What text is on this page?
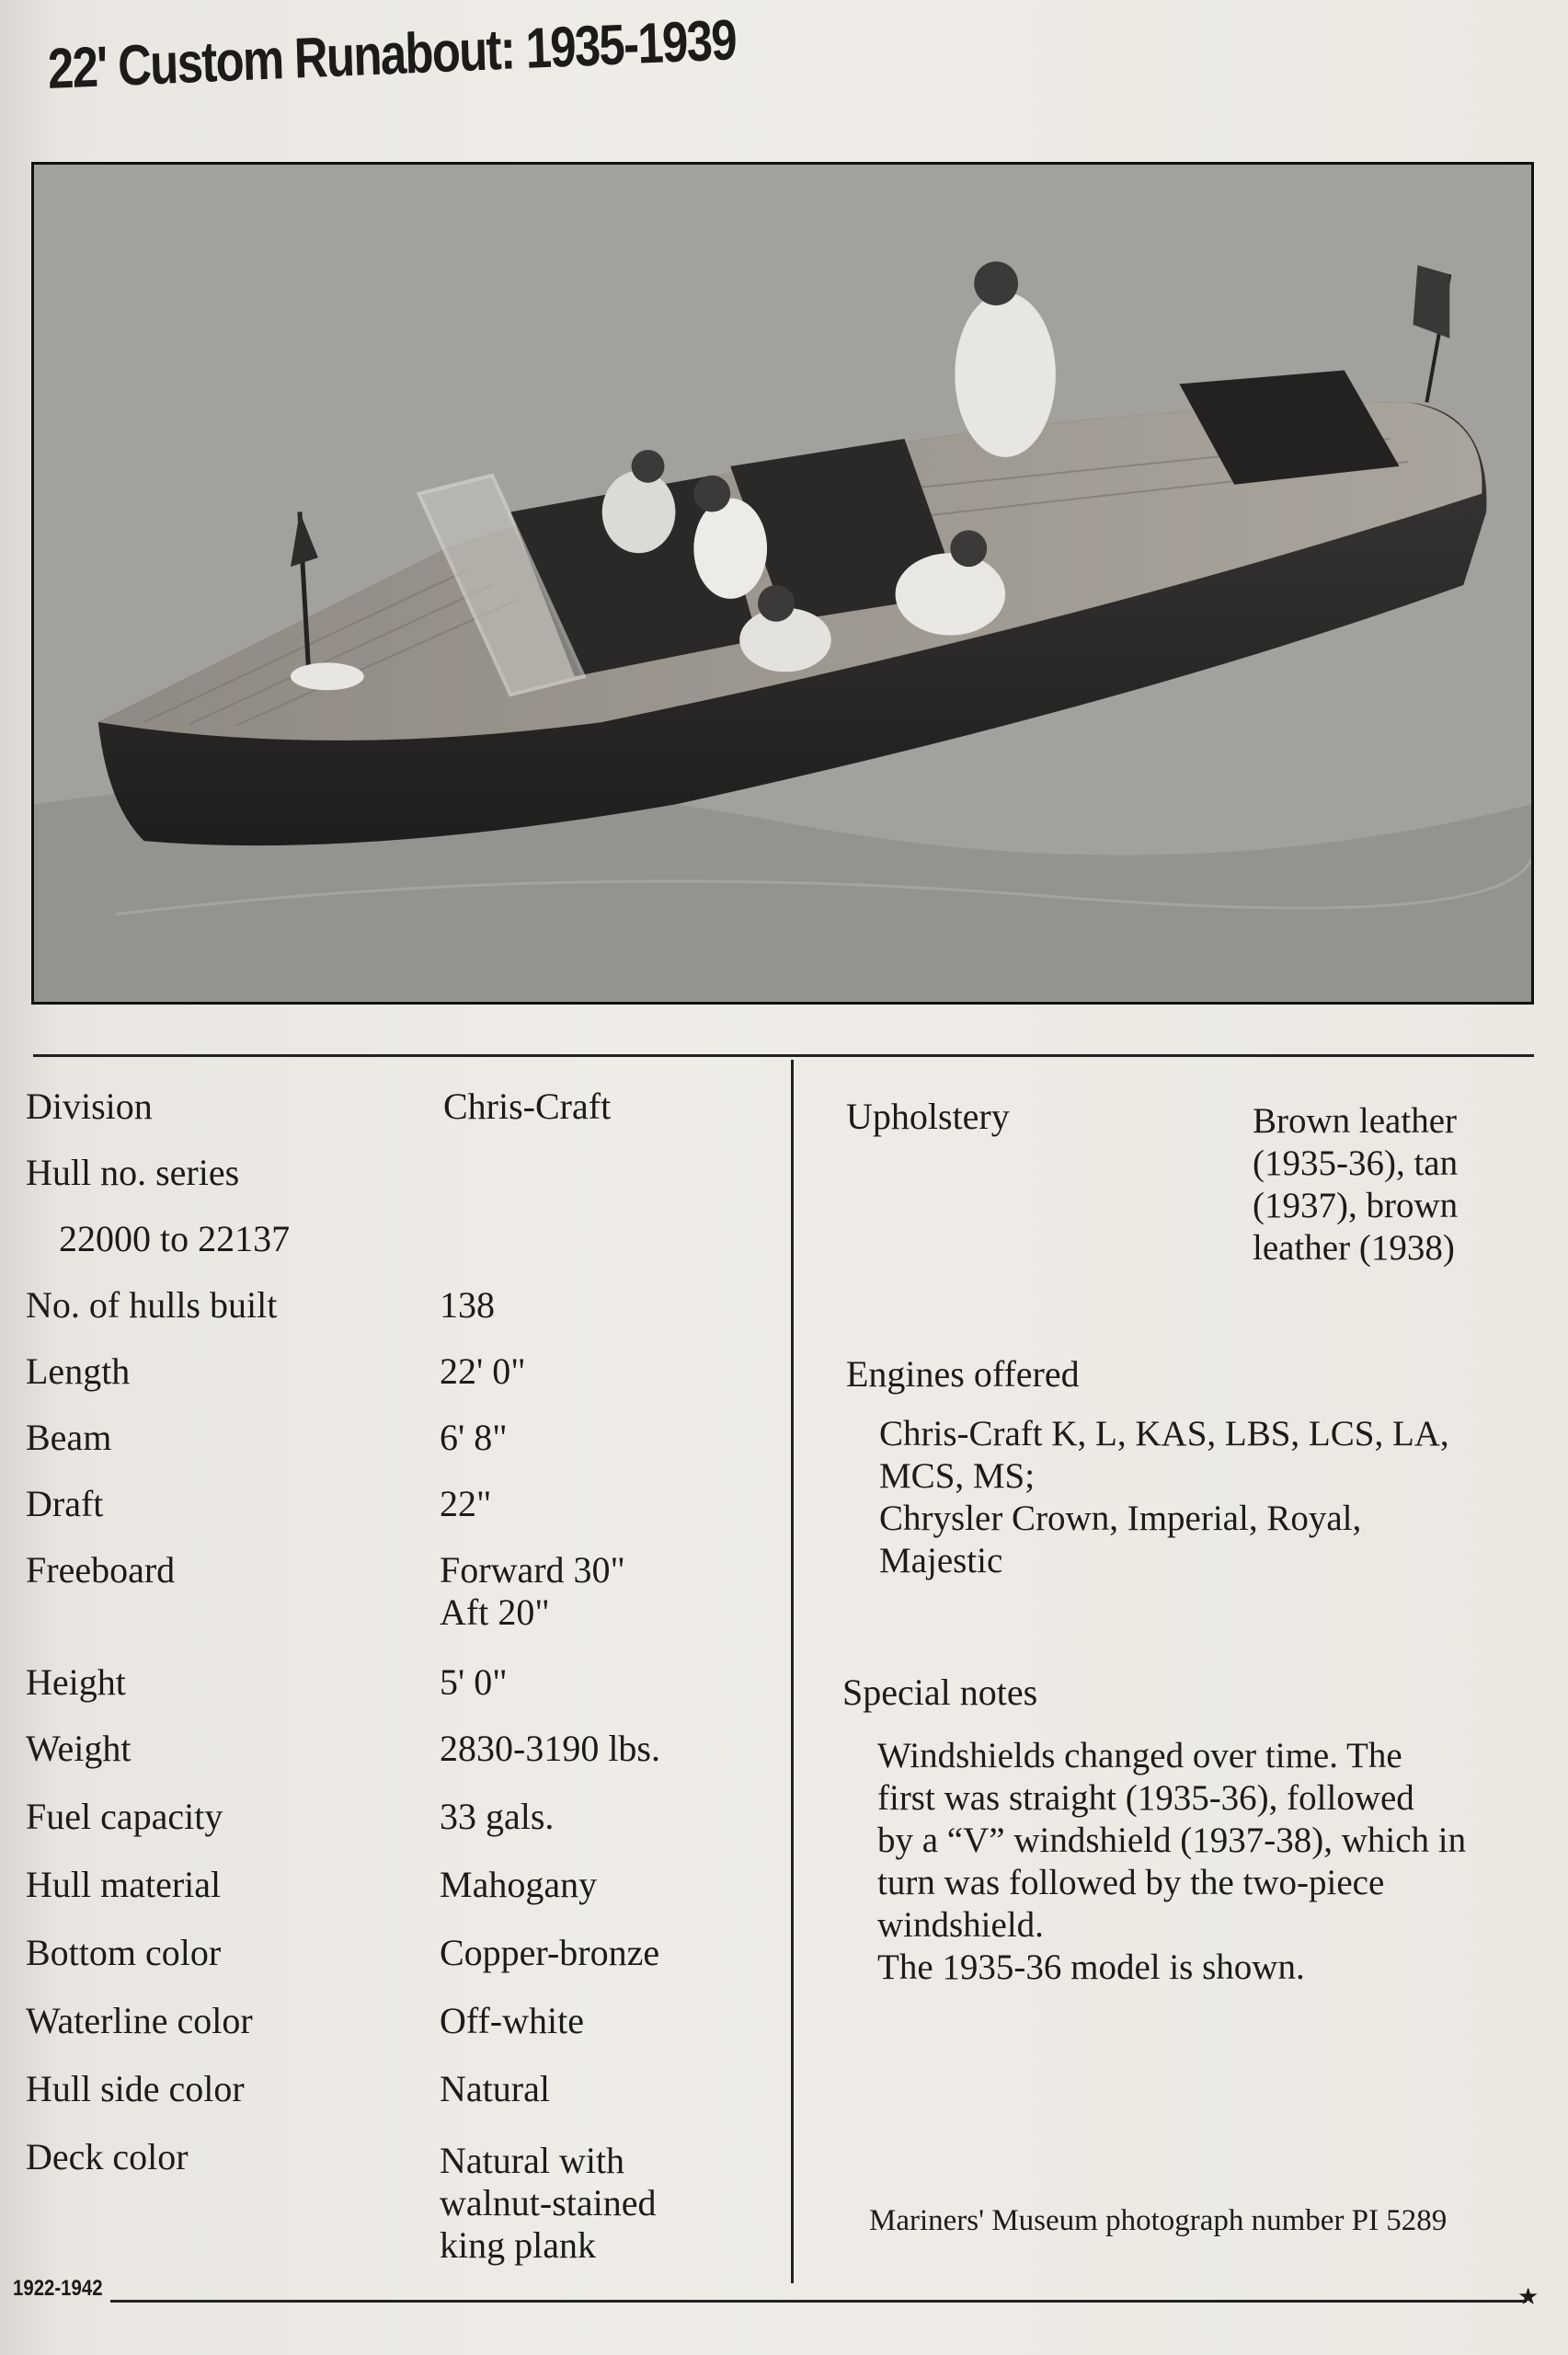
22' Custom Runabout: 1935-1939
★
Division	Chris-Craft
Hull no. series
22000 to 22137
No. of hulls built	138
Length	22' 0"
Beam	6' 8"
Draft	22"
Freeboard	Forward 30"
Aft 20"
Height	5' 0"
Weight	2830-3190 lbs.
Fuel capacity	33 gals.
Hull material	Mahogany
Bottom color	Copper-bronze
Waterline color	Off-white
Hull side color	Natural
Deck color	Natural with
walnut-stained
king plank
Upholstery	Brown leather
(1935-36), tan
(1937), brown
leather (1938)
Engines offered
Chris-Craft K, L, KAS, LBS, LCS, LA,
MCS, MS;
Chrysler Crown, Imperial, Royal,
Majestic
Special notes
Windshields changed over time. The
first was straight (1935-36), followed
by a “V” windshield (1937-38), which in
turn was followed by the two-piece
windshield.
The 1935-36 model is shown.
Mariners' Museum photograph number PI 5289
1922-1942
